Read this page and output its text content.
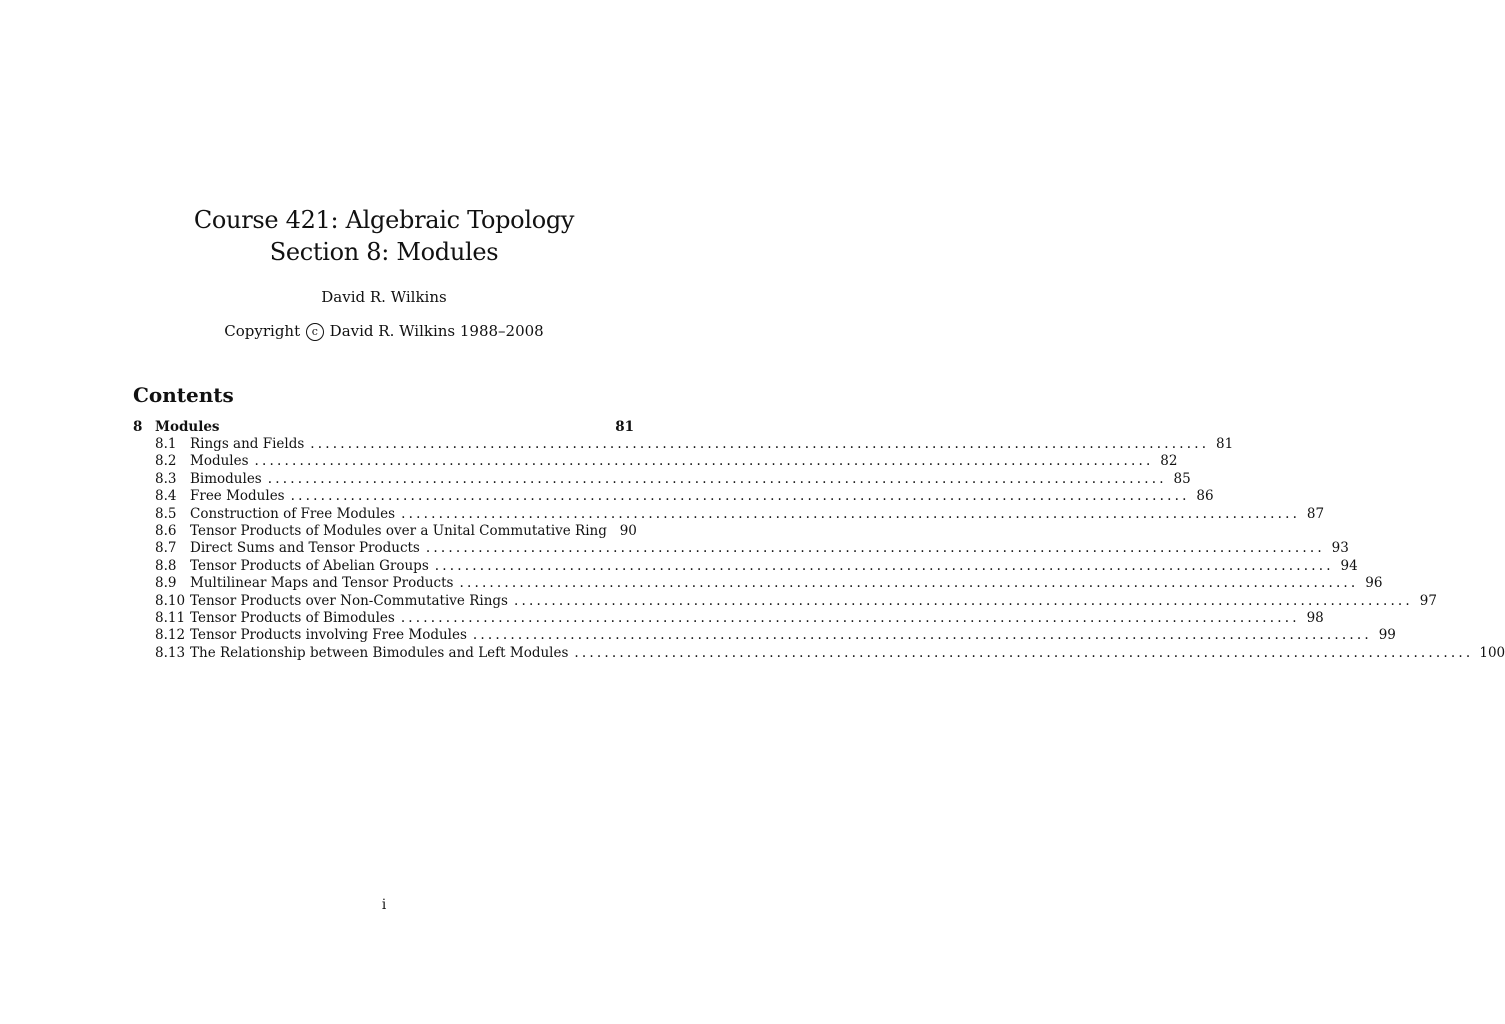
Course 421: Algebraic Topology
Section 8: Modules
David R. Wilkins
Copyright c David R. Wilkins 1988–2008
Contents
8 Modules	81
8.1	Rings and Fields ........................................................................................................................ 81
8.2	Modules ........................................................................................................................ 82
8.3	Bimodules ........................................................................................................................ 85
8.4	Free Modules ........................................................................................................................ 86
8.5	Construction of Free Modules ........................................................................................................................ 87
8.6	Tensor Products of Modules over a Unital Commutative Ring 90
8.7	Direct Sums and Tensor Products ........................................................................................................................ 93
8.8	Tensor Products of Abelian Groups ........................................................................................................................ 94
8.9	Multilinear Maps and Tensor Products ........................................................................................................................ 96
8.10 Tensor Products over Non-Commutative Rings ........................................................................................................................ 97
8.11 Tensor Products of Bimodules ........................................................................................................................ 98
8.12 Tensor Products involving Free Modules ........................................................................................................................ 99
8.13 The Relationship between Bimodules and Left Modules ........................................................................................................................ 100
i
